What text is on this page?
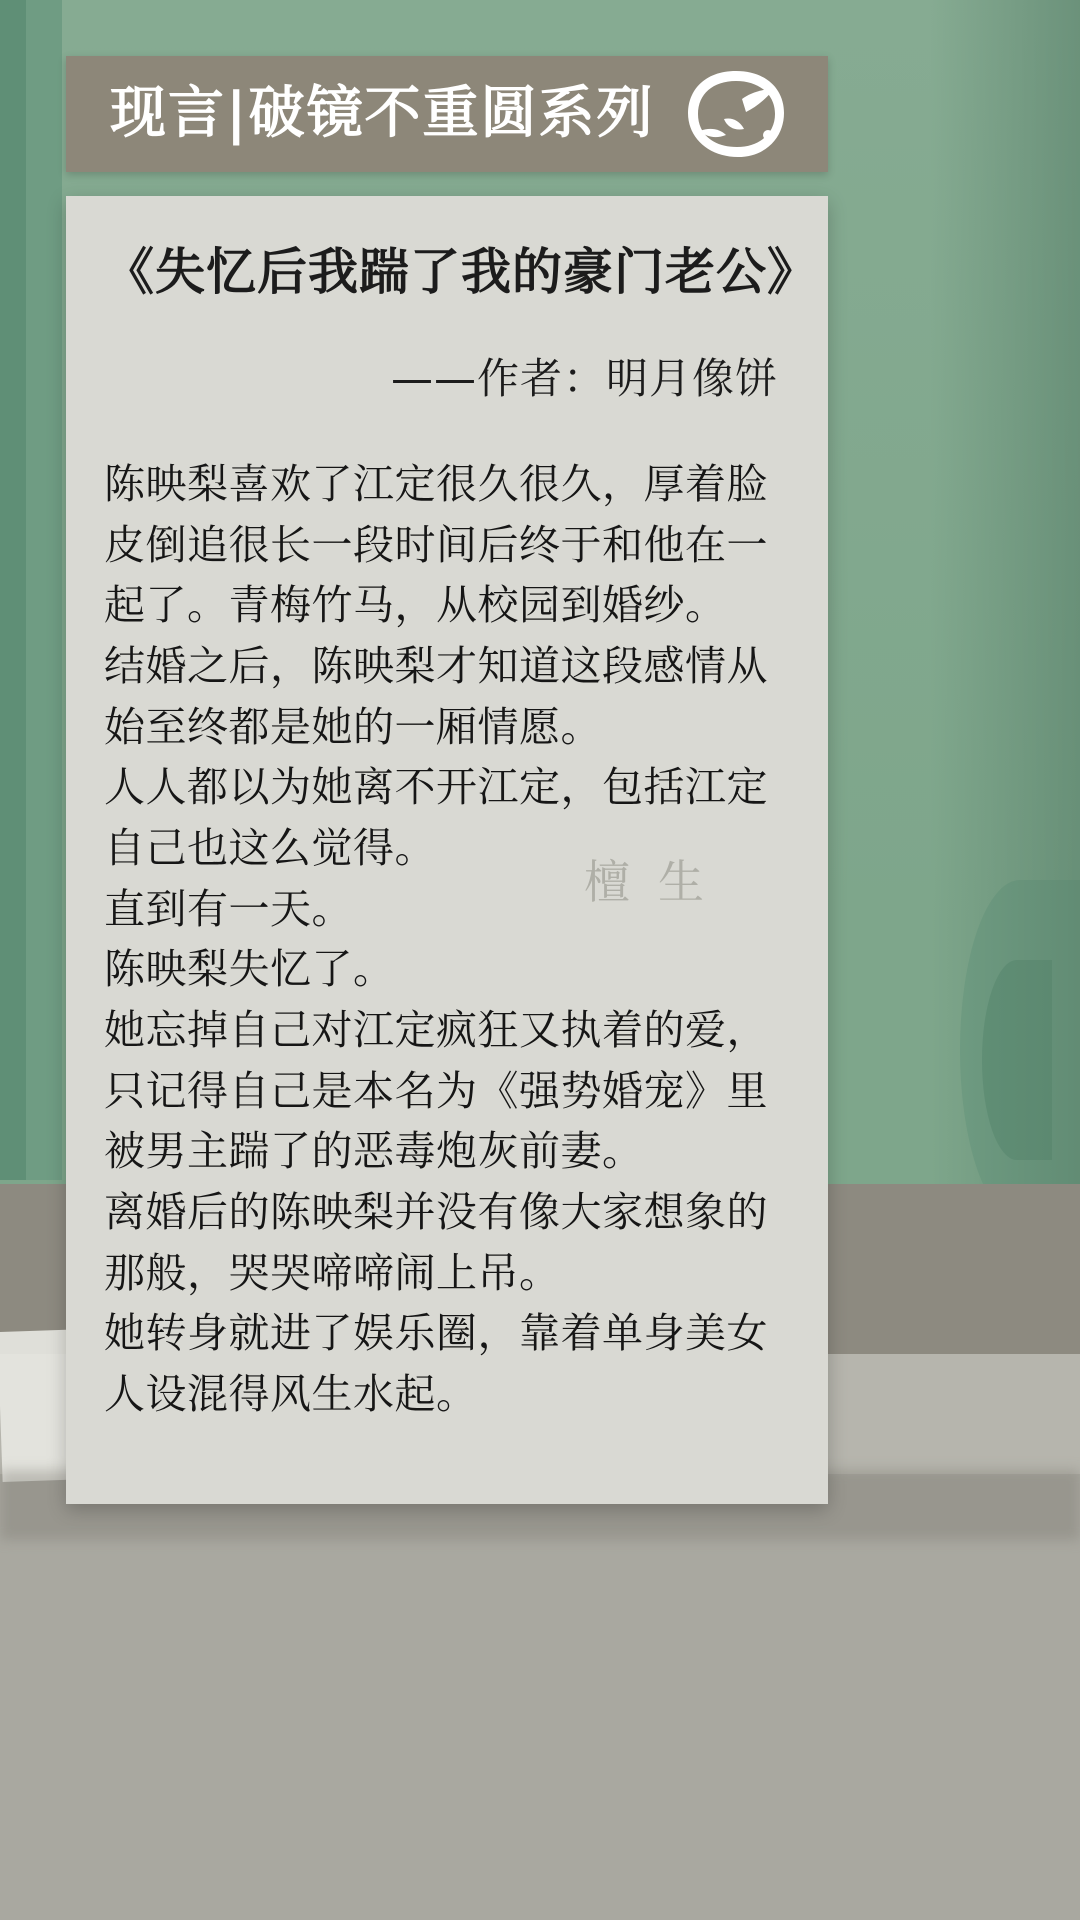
现言|破镜不重圆系列
《失忆后我踹了我的豪门老公》
——作者：明月像饼
檀生

陈映梨喜欢了江定很久很久，厚着脸皮倒追很长一段时间后终于和他在一起了。青梅竹马，从校园到婚纱。

结婚之后，陈映梨才知道这段感情从始至终都是她的一厢情愿。

人人都以为她离不开江定，包括江定自己也这么觉得。

直到有一天。

陈映梨失忆了。

她忘掉自己对江定疯狂又执着的爱，只记得自己是本名为《强势婚宠》里被男主踹了的恶毒炮灰前妻。

离婚后的陈映梨并没有像大家想象的那般，哭哭啼啼闹上吊。

她转身就进了娱乐圈，靠着单身美女人设混得风生水起。
